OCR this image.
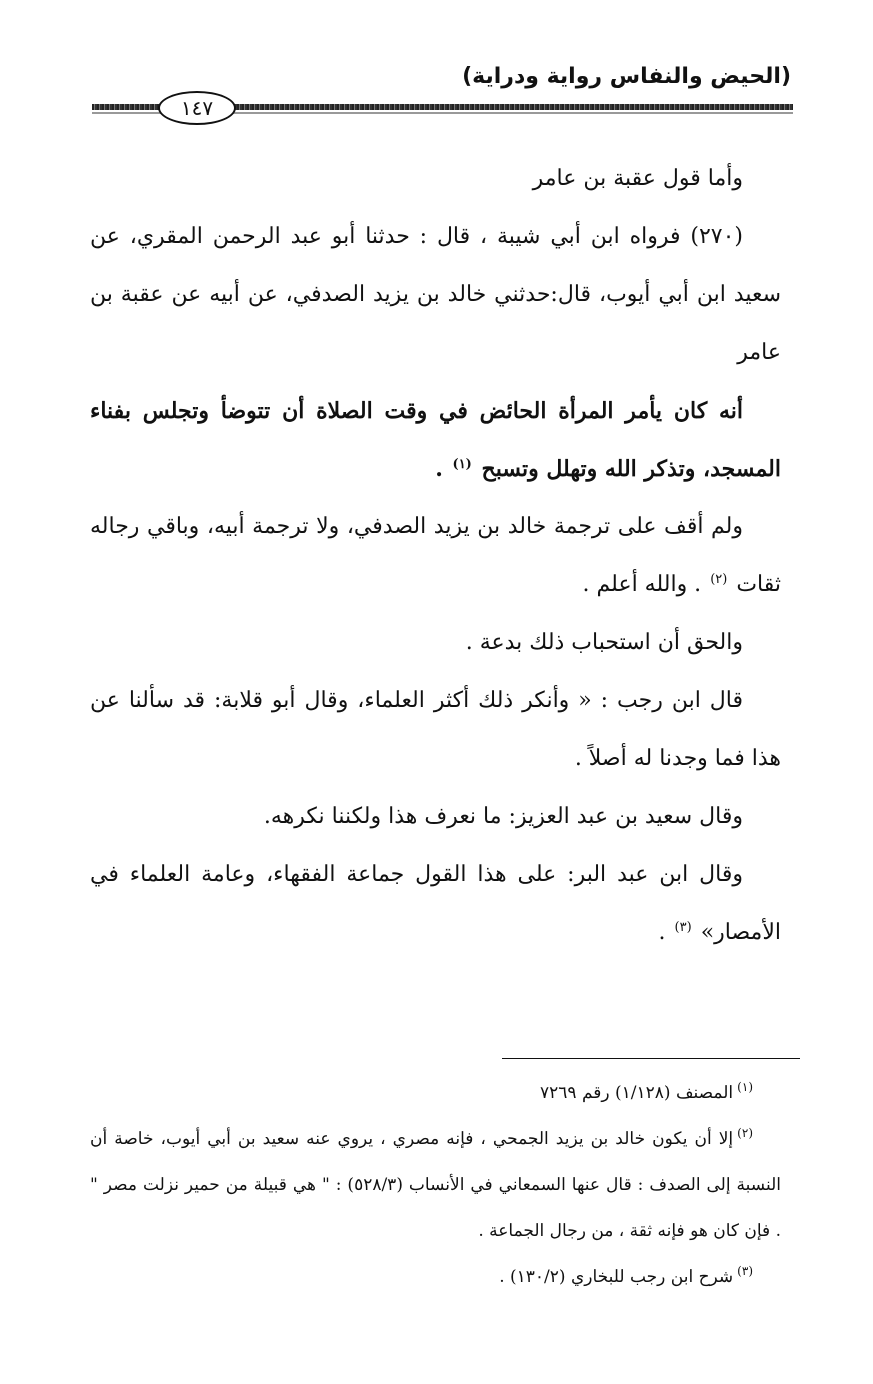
(الحيض والنفاس رواية ودراية)
١٤٧

وأما قول عقبة بن عامر

(٢٧٠) فرواه ابن أبي شيبة ، قال : حدثنا أبو عبد الرحمن المقري، عن سعيد ابن أبي أيوب، قال:حدثني خالد بن يزيد الصدفي، عن أبيه عن عقبة بن عامر

أنه كان يأمر المرأة الحائض في وقت الصلاة أن تتوضأ وتجلس بفناء المسجد، وتذكر الله وتهلل وتسبح $^{(١)}$ .

ولم أقف على ترجمة خالد بن يزيد الصدفي، ولا ترجمة أبيه، وباقي رجاله ثقات $^{(٢)}$ . والله أعلم .

والحق أن استحباب ذلك بدعة .

قال ابن رجب : « وأنكر ذلك أكثر العلماء، وقال أبو قلابة: قد سألنا عن هذا فما وجدنا له أصلاً .

وقال سعيد بن عبد العزيز: ما نعرف هذا ولكننا نكرهه.

وقال ابن عبد البر: على هذا القول جماعة الفقهاء، وعامة العلماء في الأمصار» $^{(٣)}$ .

$^{(١)}$المصنف (١/١٢٨) رقم ٧٢٦٩

$^{(٢)}$إلا أن يكون خالد بن يزيد الجمحي ، فإنه مصري ، يروي عنه سعيد بن أبي أيوب، خاصة أن النسبة إلى الصدف : قال عنها السمعاني في الأنساب (٥٢٨/٣) : " هي قبيلة من حمير نزلت مصر " . فإن كان هو فإنه ثقة ، من رجال الجماعة .

$^{(٣)}$شرح ابن رجب للبخاري (١٣٠/٢) .
